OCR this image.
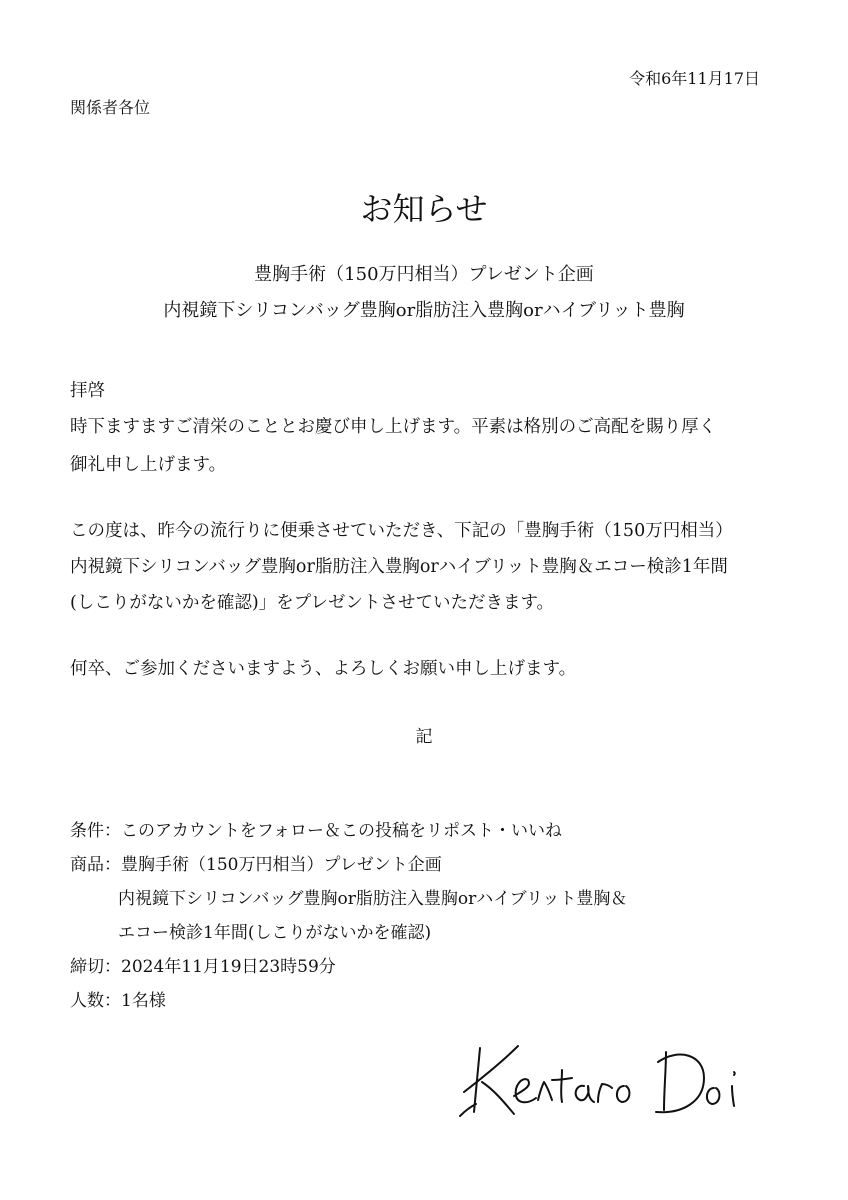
令和6年11月17日
関係者各位
お知らせ
豊胸手術（150万円相当）プレゼント企画
内視鏡下シリコンバッグ豊胸or脂肪注入豊胸orハイブリット豊胸
拝啓
時下ますますご清栄のこととお慶び申し上げます。平素は格別のご高配を賜り厚く
御礼申し上げます。
この度は、昨今の流行りに便乗させていただき、下記の「豊胸手術（150万円相当）
内視鏡下シリコンバッグ豊胸or脂肪注入豊胸orハイブリット豊胸＆エコー検診1年間
(しこりがないかを確認)」をプレゼントさせていただきます。
何卒、ご参加くださいますよう、よろしくお願い申し上げます。
記
条件：このアカウントをフォロー＆この投稿をリポスト・いいね
商品：豊胸手術（150万円相当）プレゼント企画
内視鏡下シリコンバッグ豊胸or脂肪注入豊胸orハイブリット豊胸＆
エコー検診1年間(しこりがないかを確認)
締切：2024年11月19日23時59分
人数：1名様
Kentaro Doi
